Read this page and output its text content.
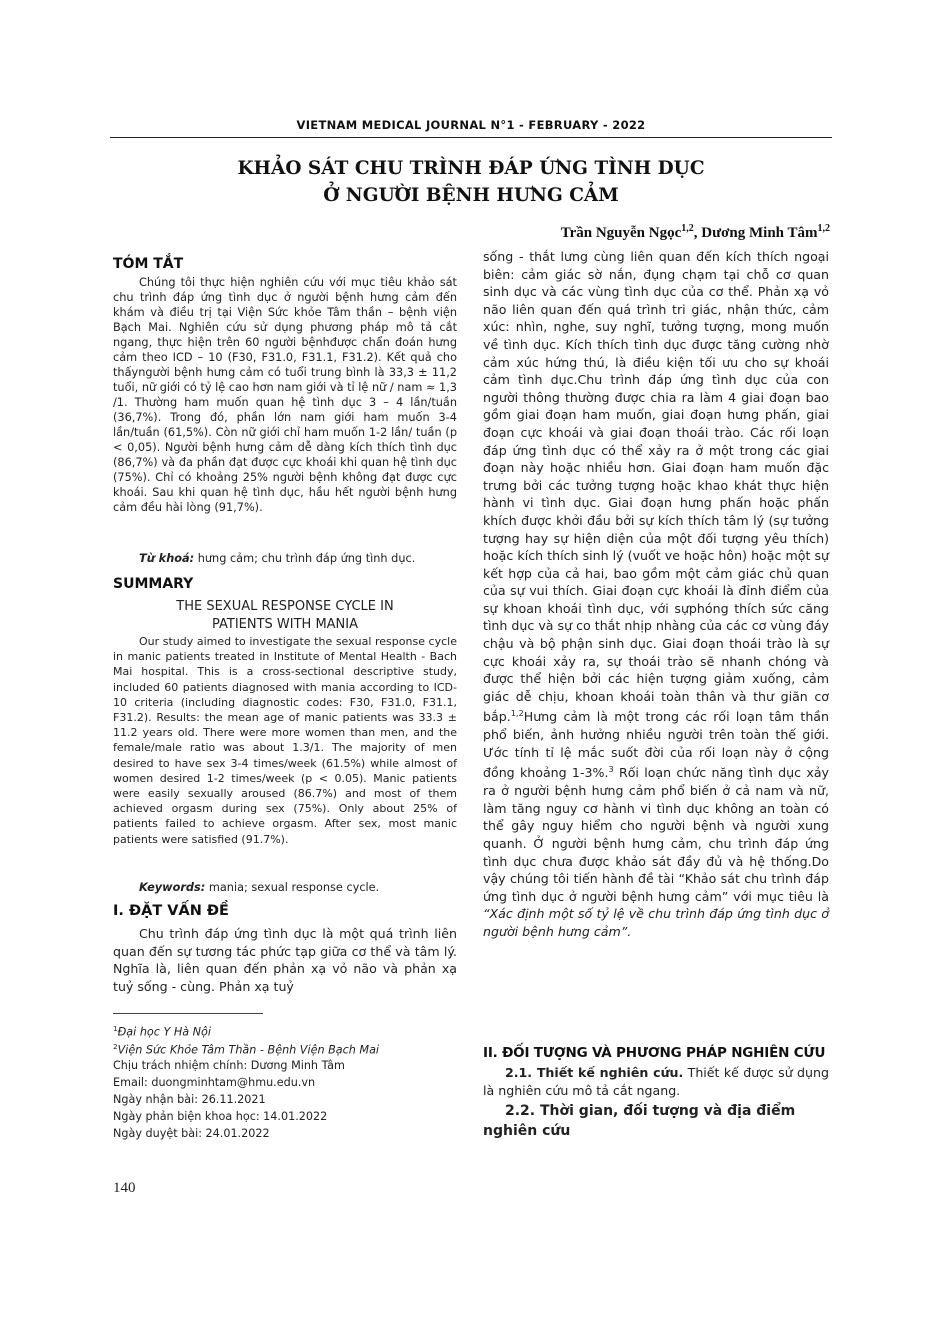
VIETNAM MEDICAL JOURNAL N°1 - FEBRUARY - 2022
KHẢO SÁT CHU TRÌNH ĐÁP ỨNG TÌNH DỤC
Ở NGƯỜI BỆNH HƯNG CẢM
Trần Nguyễn Ngọc$^{1,2}$, Dương Minh Tâm$^{1,2}$
TÓM TẮT
Chúng tôi thực hiện nghiên cứu với mục tiêu khảo sát chu trình đáp ứng tình dục ở người bệnh hưng cảm đến khám và điều trị tại Viện Sức khỏe Tâm thần – bệnh viện Bạch Mai. Nghiên cứu sử dụng phương pháp mô tả cắt ngang, thực hiện trên 60 người bệnhđược chẩn đoán hưng cảm theo ICD – 10 (F30, F31.0, F31.1, F31.2). Kết quả cho thấyngười bệnh hưng cảm có tuổi trung bình là 33,3 ± 11,2 tuổi, nữ giới có tỷ lệ cao hơn nam giới và tỉ lệ nữ / nam ≈ 1,3 /1. Thường ham muốn quan hệ tình dục 3 – 4 lần/tuần (36,7%). Trong đó, phần lớn nam giới ham muốn 3-4 lần/tuần (61,5%). Còn nữ giới chỉ ham muốn 1-2 lần/ tuần (p < 0,05). Người bệnh hưng cảm dễ dàng kích thích tình dục (86,7%) và đa phần đạt được cực khoái khi quan hệ tình dục (75%). Chỉ có khoảng 25% người bệnh không đạt được cực khoái. Sau khi quan hệ tình dục, hầu hết người bệnh hưng cảm đều hài lòng (91,7%).
Từ khoá: hưng cảm; chu trình đáp ứng tình dục.
SUMMARY
THE SEXUAL RESPONSE CYCLE IN
PATIENTS WITH MANIA
Our study aimed to investigate the sexual response cycle in manic patients treated in Institute of Mental Health - Bach Mai hospital. This is a cross-sectional descriptive study, included 60 patients diagnosed with mania according to ICD-10 criteria (including diagnostic codes: F30, F31.0, F31.1, F31.2). Results: the mean age of manic patients was 33.3 ± 11.2 years old. There were more women than men, and the female/male ratio was about 1.3/1. The majority of men desired to have sex 3-4 times/week (61.5%) while almost of women desired 1-2 times/week (p < 0.05). Manic patients were easily sexually aroused (86.7%) and most of them achieved orgasm during sex (75%). Only about 25% of patients failed to achieve orgasm. After sex, most manic patients were satisfied (91.7%).
Keywords: mania; sexual response cycle.
I. ĐẶT VẤN ĐỀ
Chu trình đáp ứng tình dục là một quá trình liên quan đến sự tương tác phức tạp giữa cơ thể và tâm lý. Nghĩa là, liên quan đến phản xạ vỏ não và phản xạ tuỷ sống - cùng. Phản xạ tuỷ
$^1$Đại học Y Hà Nội
$^2$Viện Sức Khỏe Tâm Thần - Bệnh Viện Bạch Mai
Chịu trách nhiệm chính: Dương Minh Tâm
Email: duongminhtam@hmu.edu.vn
Ngày nhận bài: 26.11.2021
Ngày phản biện khoa học: 14.01.2022
Ngày duyệt bài: 24.01.2022
140
sống - thắt lưng cùng liên quan đến kích thích ngoại biên: cảm giác sờ nắn, đụng chạm tại chỗ cơ quan sinh dục và các vùng tình dục của cơ thể. Phản xạ vỏ não liên quan đến quá trình tri giác, nhận thức, cảm xúc: nhìn, nghe, suy nghĩ, tưởng tượng, mong muốn về tình dục. Kích thích tình dục được tăng cường nhờ cảm xúc hứng thú, là điều kiện tối ưu cho sự khoái cảm tình dục.Chu trình đáp ứng tình dục của con người thông thường được chia ra làm 4 giai đoạn bao gồm giai đoạn ham muốn, giai đoạn hưng phấn, giai đoạn cực khoái và giai đoạn thoái trào. Các rối loạn đáp ứng tình dục có thể xảy ra ở một trong các giai đoạn này hoặc nhiều hơn. Giai đoạn ham muốn đặc trưng bởi các tưởng tượng hoặc khao khát thực hiện hành vi tình dục. Giai đoạn hưng phấn hoặc phấn khích được khởi đầu bởi sự kích thích tâm lý (sự tưởng tượng hay sự hiện diện của một đối tượng yêu thích) hoặc kích thích sinh lý (vuốt ve hoặc hôn) hoặc một sự kết hợp của cả hai, bao gồm một cảm giác chủ quan của sự vui thích. Giai đoạn cực khoái là đỉnh điểm của sự khoan khoái tình dục, với sựphóng thích sức căng tình dục và sự co thắt nhịp nhàng của các cơ vùng đáy chậu và bộ phận sinh dục. Giai đoạn thoái trào là sự cực khoái xảy ra, sự thoái trào sẽ nhanh chóng và được thể hiện bởi các hiện tượng giảm xuống, cảm giác dễ chịu, khoan khoái toàn thân và thư giãn cơ bắp.$^{1,2}$Hưng cảm là một trong các rối loạn tâm thần phổ biến, ảnh hưởng nhiều người trên toàn thế giới. Ước tính tỉ lệ mắc suốt đời của rối loạn này ở cộng đồng khoảng 1-3%.$^3$ Rối loạn chức năng tình dục xảy ra ở người bệnh hưng cảm phổ biến ở cả nam và nữ, làm tăng nguy cơ hành vi tình dục không an toàn có thể gây nguy hiểm cho người bệnh và người xung quanh. Ở người bệnh hưng cảm, chu trình đáp ứng tình dục chưa được khảo sát đầy đủ và hệ thống.Do vậy chúng tôi tiến hành đề tài “Khảo sát chu trình đáp ứng tình dục ở người bệnh hưng cảm” với mục tiêu là “Xác định một số tỷ lệ về chu trình đáp ứng tình dục ở người bệnh hưng cảm”.
II. ĐỐI TƯỢNG VÀ PHƯƠNG PHÁP NGHIÊN CỨU
2.1. Thiết kế nghiên cứu. Thiết kế được sử dụng là nghiên cứu mô tả cắt ngang.
2.2. Thời gian, đối tượng và địa điểm nghiên cứu
